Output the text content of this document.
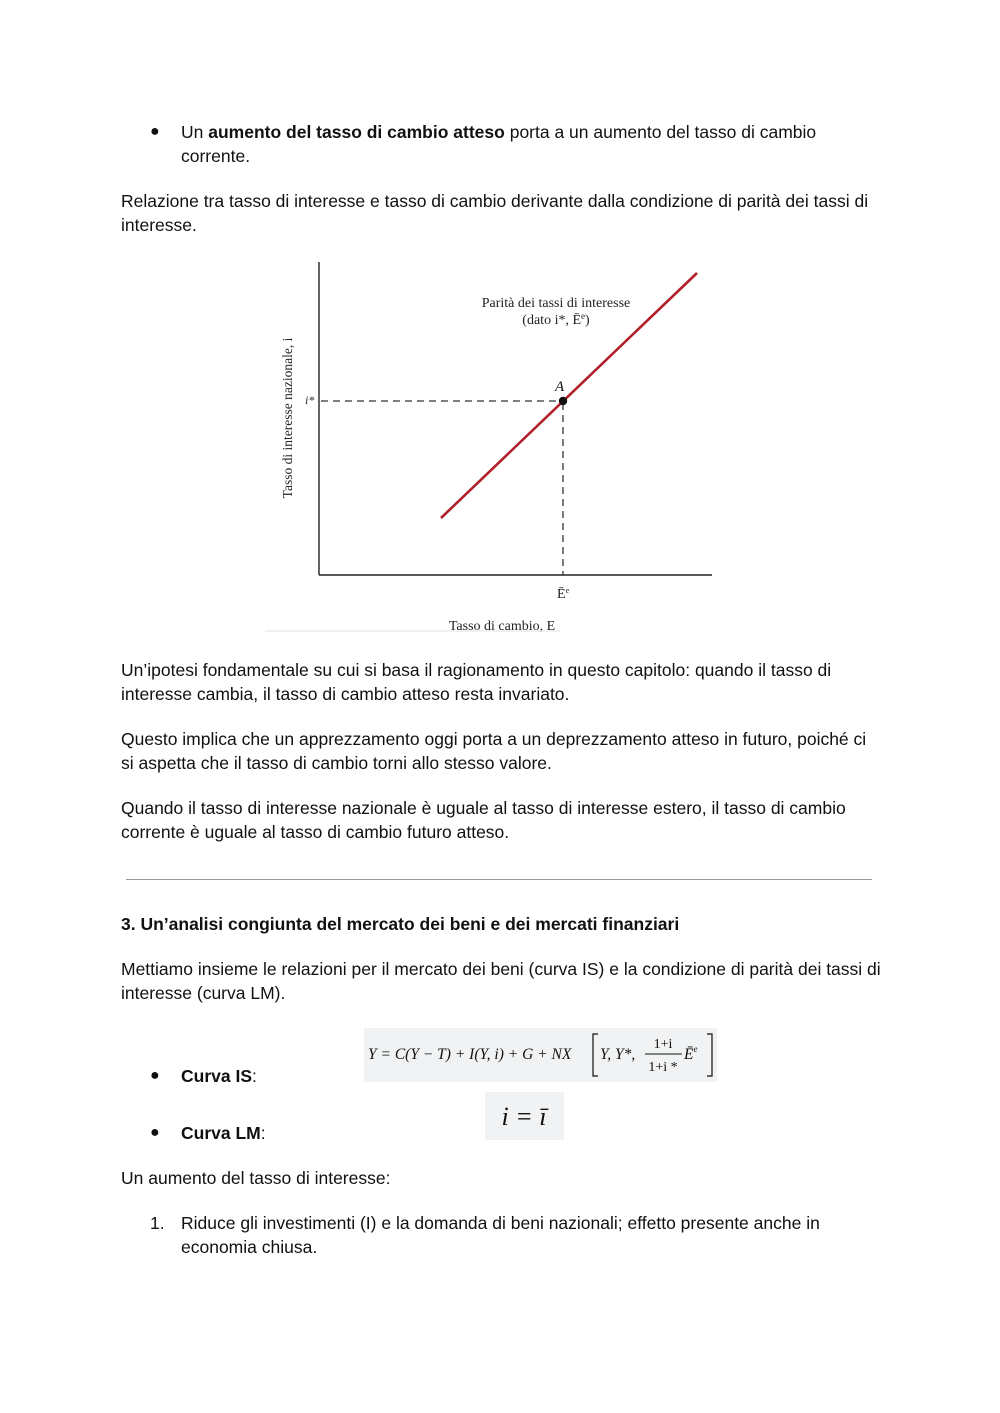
● Un aumento del tasso di cambio atteso porta a un aumento del tasso di cambio corrente.

Relazione tra tasso di interesse e tasso di cambio derivante dalla condizione di parità dei tassi di interesse.

A
Parità dei tassi di interesse
(dato i*, $Ē^e$)
i*
$Ē^e$
Tasso di cambio, E
Tasso di interesse nazionale, i

Un’ipotesi fondamentale su cui si basa il ragionamento in questo capitolo: quando il tasso di interesse cambia, il tasso di cambio atteso resta invariato.

Questo implica che un apprezzamento oggi porta a un deprezzamento atteso in futuro, poiché ci si aspetta che il tasso di cambio torni allo stesso valore.

Quando il tasso di interesse nazionale è uguale al tasso di interesse estero, il tasso di cambio corrente è uguale al tasso di cambio futuro atteso.

3. Un’analisi congiunta del mercato dei beni e dei mercati finanziari

Mettiamo insieme le relazioni per il mercato dei beni (curva IS) e la condizione di parità dei tassi di interesse (curva LM).

● Curva IS:
Y = C(Y − T) + I(Y, i) + G + NX Y, Y*,
1+i
1+i *
$Ē^e$
● Curva LM:
i = ī

Un aumento del tasso di interesse:

1. Riduce gli investimenti (I) e la domanda di beni nazionali; effetto presente anche in economia chiusa.
